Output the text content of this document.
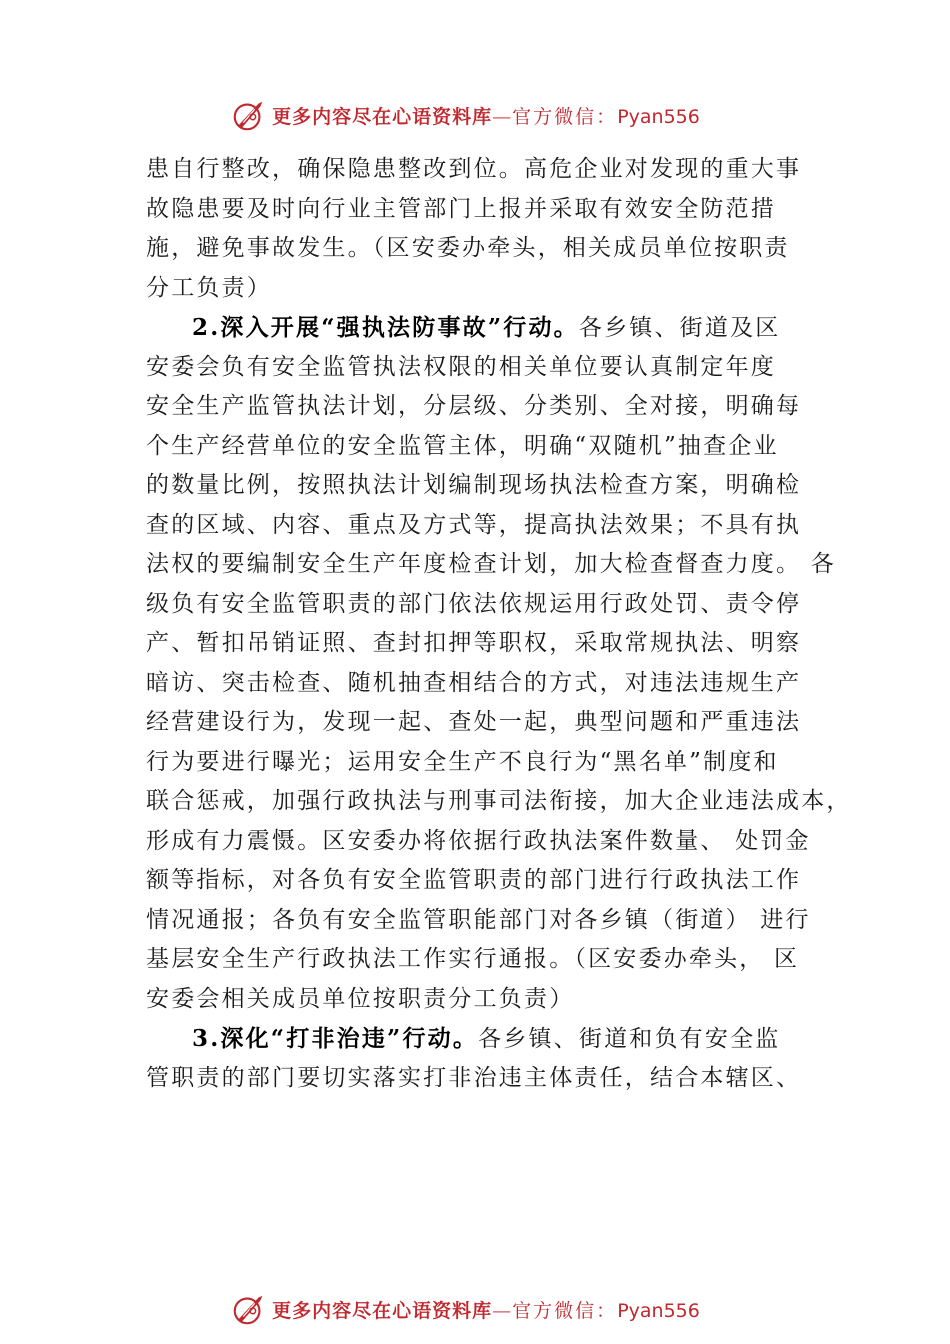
更多内容尽在心语资料库—官方微信：Pyan556
患自行整改，确保隐患整改到位。高危企业对发现的重大事
故隐患要及时向行业主管部门上报并采取有效安全防范措
施，避免事故发生。（区安委办牵头，相关成员单位按职责
分工负责）
2.深入开展“强执法防事故”行动。各乡镇、街道及区
安委会负有安全监管执法权限的相关单位要认真制定年度
安全生产监管执法计划，分层级、分类别、全对接，明确每
个生产经营单位的安全监管主体，明确“双随机”抽查企业
的数量比例，按照执法计划编制现场执法检查方案，明确检
查的区域、内容、重点及方式等，提高执法效果；不具有执
法权的要编制安全生产年度检查计划，加大检查督查力度。 各
级负有安全监管职责的部门依法依规运用行政处罚、责令停
产、暂扣吊销证照、查封扣押等职权，采取常规执法、明察
暗访、突击检查、随机抽查相结合的方式，对违法违规生产
经营建设行为，发现一起、查处一起，典型问题和严重违法
行为要进行曝光；运用安全生产不良行为“黑名单”制度和
联合惩戒，加强行政执法与刑事司法衔接，加大企业违法成本，
形成有力震慑。区安委办将依据行政执法案件数量、 处罚金
额等指标，对各负有安全监管职责的部门进行行政执法工作
情况通报；各负有安全监管职能部门对各乡镇（街道） 进行
基层安全生产行政执法工作实行通报。（区安委办牵头， 区
安委会相关成员单位按职责分工负责）
3.深化“打非治违”行动。各乡镇、街道和负有安全监
管职责的部门要切实落实打非治违主体责任，结合本辖区、
更多内容尽在心语资料库—官方微信：Pyan556
